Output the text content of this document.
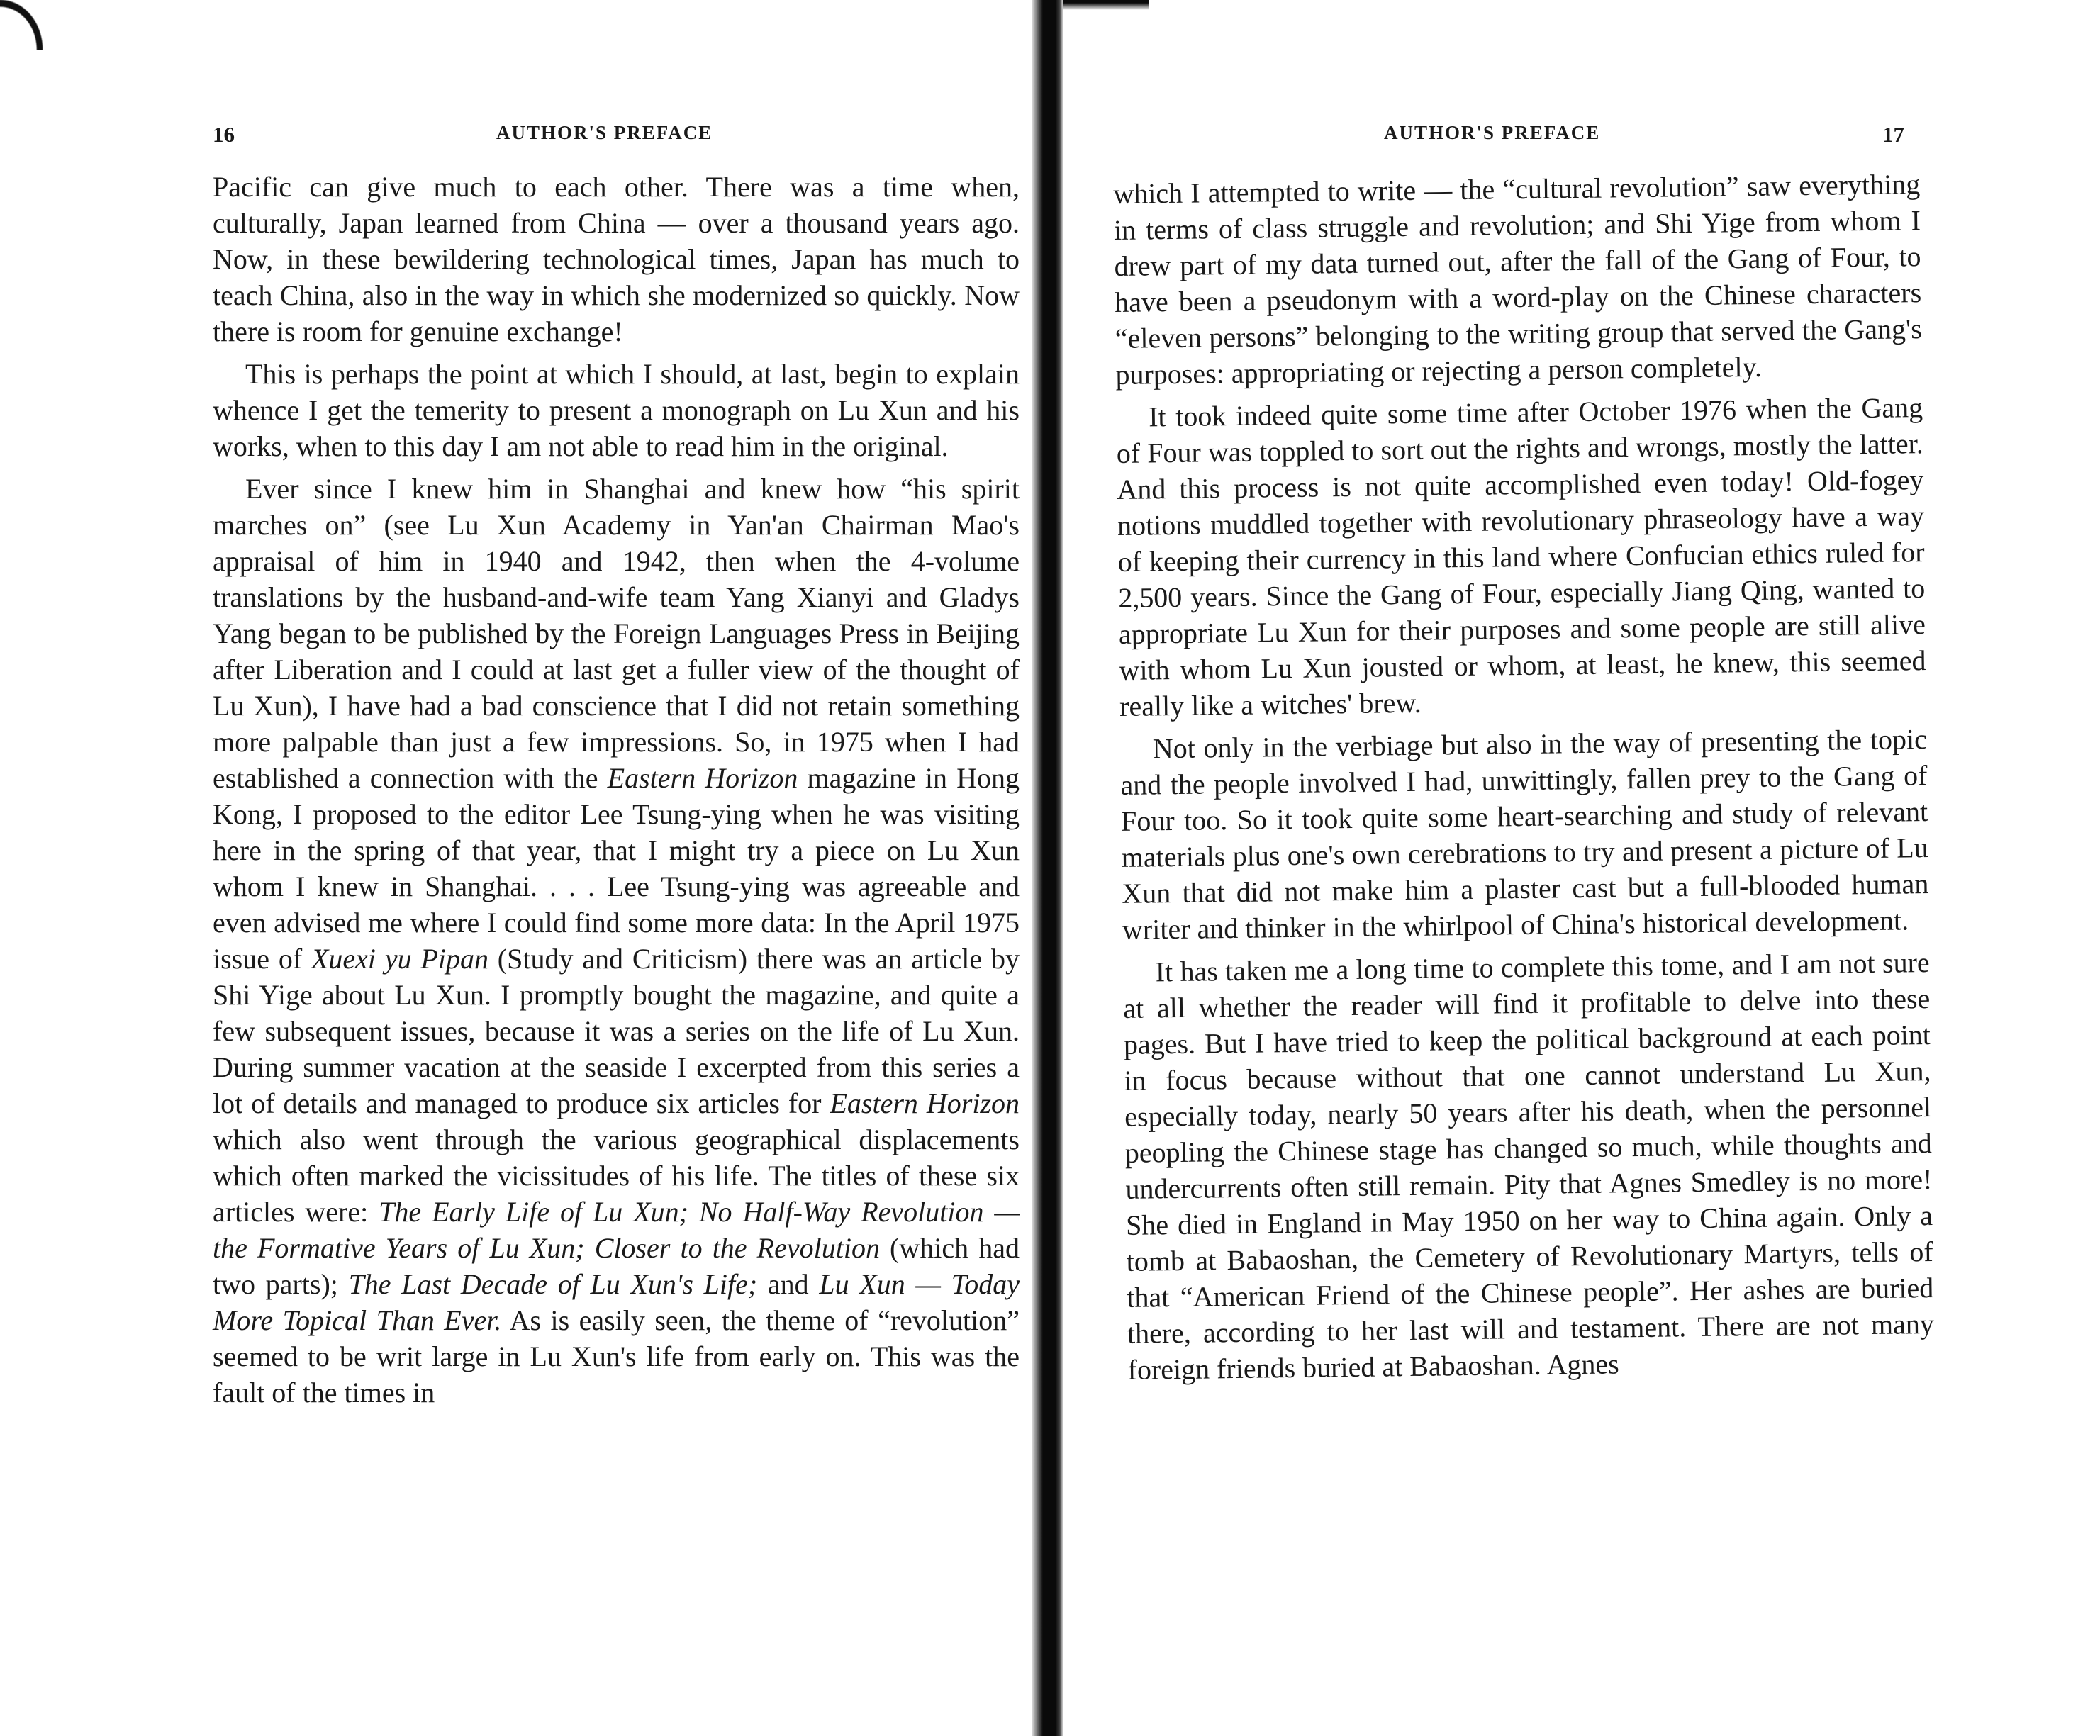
16	AUTHOR'S PREFACE

Pacific can give much to each other. There was a time when, culturally, Japan learned from China — over a thousand years ago. Now, in these bewildering technological times, Japan has much to teach China, also in the way in which she modernized so quickly. Now there is room for genuine exchange!

This is perhaps the point at which I should, at last, begin to explain whence I get the temerity to present a monograph on Lu Xun and his works, when to this day I am not able to read him in the original.

Ever since I knew him in Shanghai and knew how “his spirit marches on” (see Lu Xun Academy in Yan'an Chairman Mao's appraisal of him in 1940 and 1942, then when the 4-volume translations by the husband-and-wife team Yang Xianyi and Gladys Yang began to be published by the Foreign Languages Press in Beijing after Liberation and I could at last get a fuller view of the thought of Lu Xun), I have had a bad conscience that I did not retain something more palpable than just a few impressions. So, in 1975 when I had established a connection with the Eastern Horizon magazine in Hong Kong, I proposed to the editor Lee Tsung-ying when he was visiting here in the spring of that year, that I might try a piece on Lu Xun whom I knew in Shanghai. . . . Lee Tsung-ying was agreeable and even advised me where I could find some more data: In the April 1975 issue of Xuexi yu Pipan (Study and Criticism) there was an article by Shi Yige about Lu Xun. I promptly bought the magazine, and quite a few subsequent issues, because it was a series on the life of Lu Xun. During summer vacation at the seaside I excerpted from this series a lot of details and managed to produce six articles for Eastern Horizon which also went through the various geographical displacements which often marked the vicissitudes of his life. The titles of these six articles were: The Early Life of Lu Xun; No Half-Way Revolution — the Formative Years of Lu Xun; Closer to the Revolution (which had two parts); The Last Decade of Lu Xun's Life; and Lu Xun — Today More Topical Than Ever. As is easily seen, the theme of “revolution” seemed to be writ large in Lu Xun's life from early on. This was the fault of the times in

AUTHOR'S PREFACE	17

which I attempted to write — the “cultural revolution” saw everything in terms of class struggle and revolution; and Shi Yige from whom I drew part of my data turned out, after the fall of the Gang of Four, to have been a pseudonym with a word-play on the Chinese characters “eleven persons” belonging to the writing group that served the Gang's purposes: appropriating or rejecting a person completely.

It took indeed quite some time after October 1976 when the Gang of Four was toppled to sort out the rights and wrongs, mostly the latter. And this process is not quite accomplished even today! Old-fogey notions muddled together with revolutionary phraseology have a way of keeping their currency in this land where Confucian ethics ruled for 2,500 years. Since the Gang of Four, especially Jiang Qing, wanted to appropriate Lu Xun for their purposes and some people are still alive with whom Lu Xun jousted or whom, at least, he knew, this seemed really like a witches' brew.

Not only in the verbiage but also in the way of presenting the topic and the people involved I had, unwittingly, fallen prey to the Gang of Four too. So it took quite some heart-searching and study of relevant materials plus one's own cerebrations to try and present a picture of Lu Xun that did not make him a plaster cast but a full-blooded human writer and thinker in the whirlpool of China's historical development.

It has taken me a long time to complete this tome, and I am not sure at all whether the reader will find it profitable to delve into these pages. But I have tried to keep the political background at each point in focus because without that one cannot understand Lu Xun, especially today, nearly 50 years after his death, when the personnel peopling the Chinese stage has changed so much, while thoughts and undercurrents often still remain. Pity that Agnes Smedley is no more! She died in England in May 1950 on her way to China again. Only a tomb at Babaoshan, the Cemetery of Revolutionary Martyrs, tells of that “American Friend of the Chinese people”. Her ashes are buried there, according to her last will and testament. There are not many foreign friends buried at Babaoshan. Agnes
